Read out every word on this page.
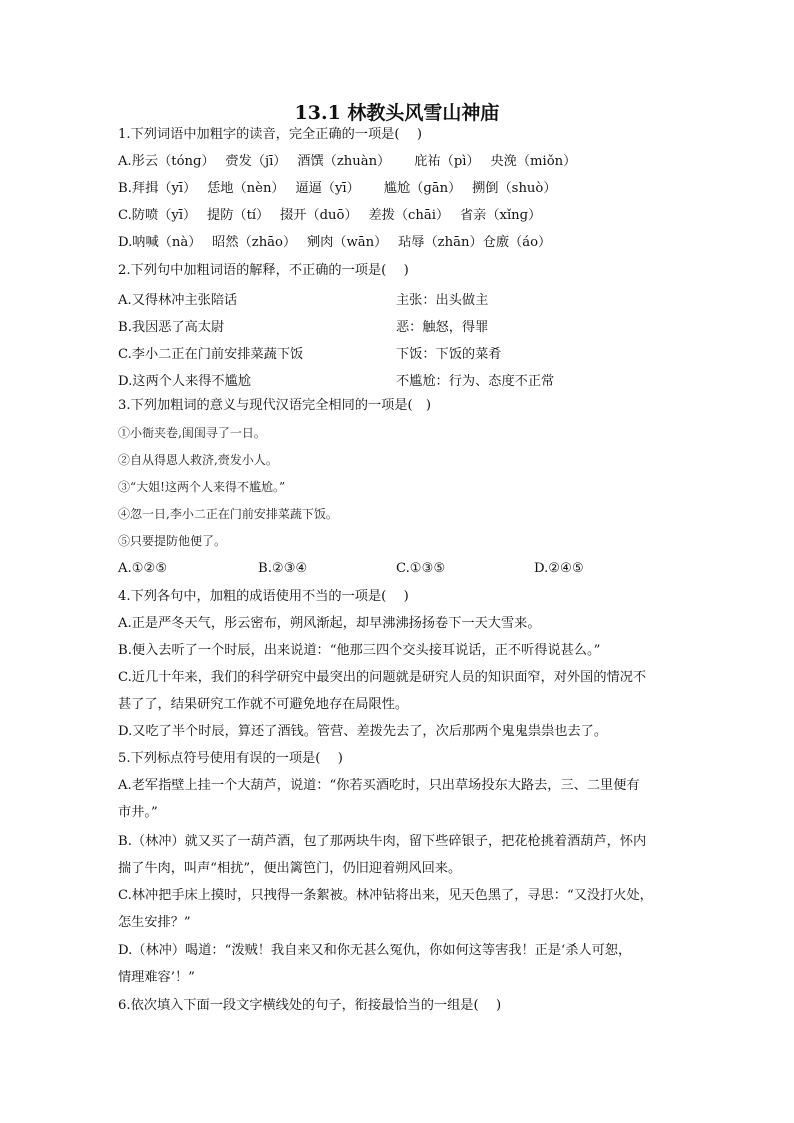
13.1 林教头风雪山神庙
1.下列词语中加粗字的读音，完全正确的一项是(　 )
A.彤云（tónɡ）　 赍发（jī）　 酒馔（zhuàn）　　 庇祐（pì）　 央浼（miǒn）
B.拜揖（yī）　 恁地（nèn）　 逼逼（yī）　　 尴尬（ɡān）　 搠倒（shuò）
C.防喷（yī）　 提防（tí）　 掇开（duō）　 差拨（chāi）　 省亲（xǐnɡ）
D.呐喊（nà）　 昭然（zhāo）　 剜肉（wān）　 玷辱（zhān）仓廒（áo）
2.下列句中加粗词语的解释，不正确的一项是(　 )
A.又得林冲主张陪话	主张：出头做主
B.我因恶了高太尉	恶：触怒，得罪
C.李小二正在门前安排菜蔬下饭	下饭：下饭的菜肴
D.这两个人来得不尴尬	不尴尬：行为、态度不正常
3.下列加粗词的意义与现代汉语完全相同的一项是(　)
①小衙夹卷,闺闺寻了一日。
②自从得恩人救济,赍发小人。
③“大姐!这两个人来得不尴尬。”
④忽一日,李小二正在门前安排菜蔬下饭。
⑤只要提防他便了。
A.①②⑤	B.②③④	C.①③⑤	D.②④⑤
4.下列各句中，加粗的成语使用不当的一项是(　 )
A.正是严冬天气，彤云密布，朔风渐起，却早沸沸扬扬卷下一天大雪来。
B.便入去听了一个时辰，出来说道：“他那三四个交头接耳说话，正不听得说甚么。”
C.近几十年来，我们的科学研究中最突出的问题就是研究人员的知识面窄，对外国的情况不
甚了了，结果研究工作就不可避免地存在局限性。
D.又吃了半个时辰，算还了酒钱。管营、差拨先去了，次后那两个鬼鬼祟祟也去了。
5.下列标点符号使用有误的一项是(　 )
A.老军指壁上挂一个大葫芦，说道：“你若买酒吃时，只出草场投东大路去，三、二里便有
市井。”
B.（林冲）就又买了一葫芦酒，包了那两块牛肉，留下些碎银子，把花枪挑着酒葫芦，怀内
揣了牛肉，叫声“相扰”，便出篱笆门，仍旧迎着朔风回来。
C.林冲把手床上摸时，只拽得一条絮被。林冲钻将出来，见天色黑了，寻思：“又没打火处，
怎生安排？”
D.（林冲）喝道：“泼贼！我自来又和你无甚么冤仇，你如何这等害我！正是‘杀人可恕，
情理难容’！”
6.依次填入下面一段文字横线处的句子，衔接最恰当的一组是(　 )
